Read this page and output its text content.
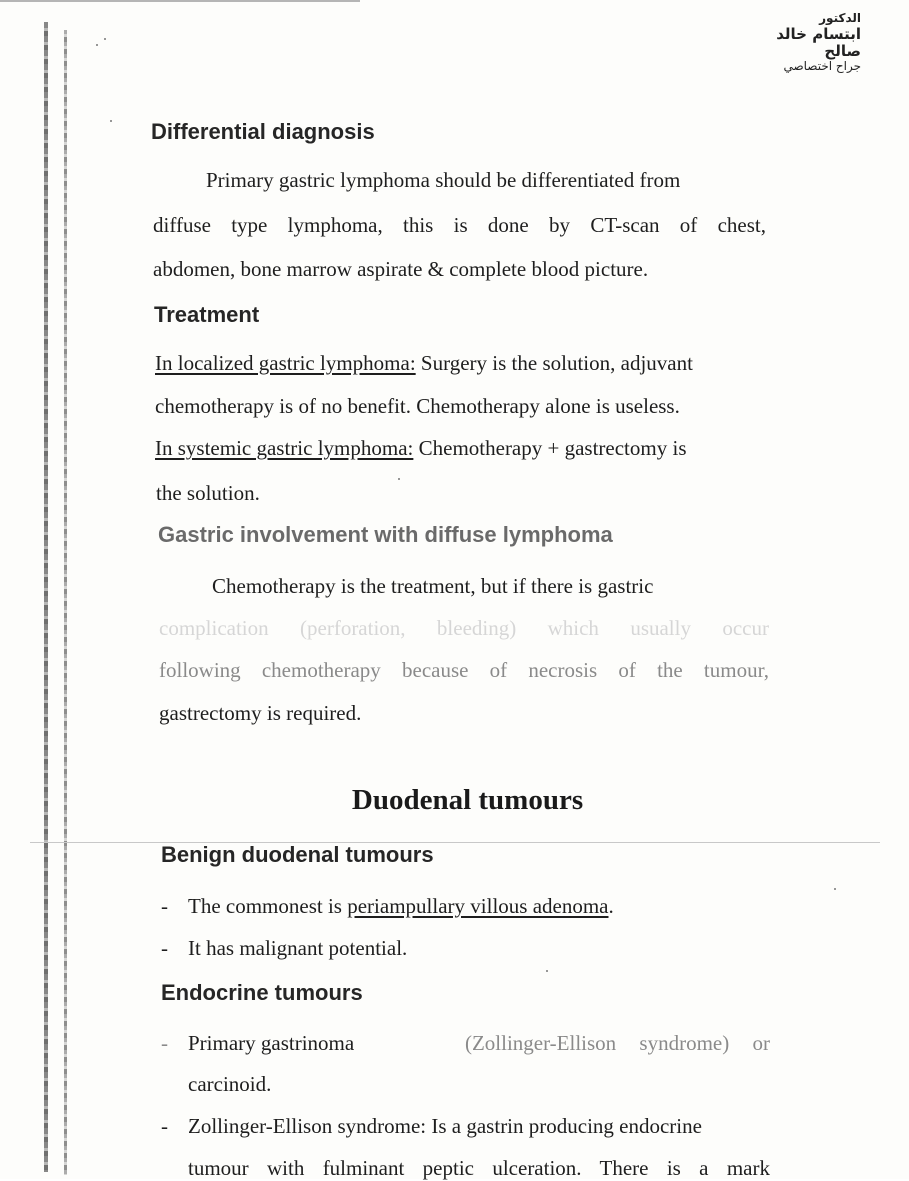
الدكتور
ابتسام خالد صالح
جراح اختصاصي
Differential diagnosis

Primary gastric lymphoma should be differentiated from

diffuse type lymphoma, this is done by CT-scan of chest,

abdomen, bone marrow aspirate & complete blood picture.

Treatment

In localized gastric lymphoma: Surgery is the solution, adjuvant

chemotherapy is of no benefit. Chemotherapy alone is useless.

In systemic gastric lymphoma: Chemotherapy + gastrectomy is

the solution.

Gastric involvement with diffuse lymphoma

Chemotherapy is the treatment, but if there is gastric

complication (perforation, bleeding) which usually occur

following chemotherapy because of necrosis of the tumour,

gastrectomy is required.

Duodenal tumours
Benign duodenal tumours
- The commonest is periampullary villous adenoma.

- It has malignant potential.

Endocrine tumours
- Primary gastrinoma	(Zollinger-Ellison syndrome) or

carcinoid.

- Zollinger-Ellison syndrome: Is a gastrin producing endocrine

tumour with fulminant peptic ulceration. There is a mark
